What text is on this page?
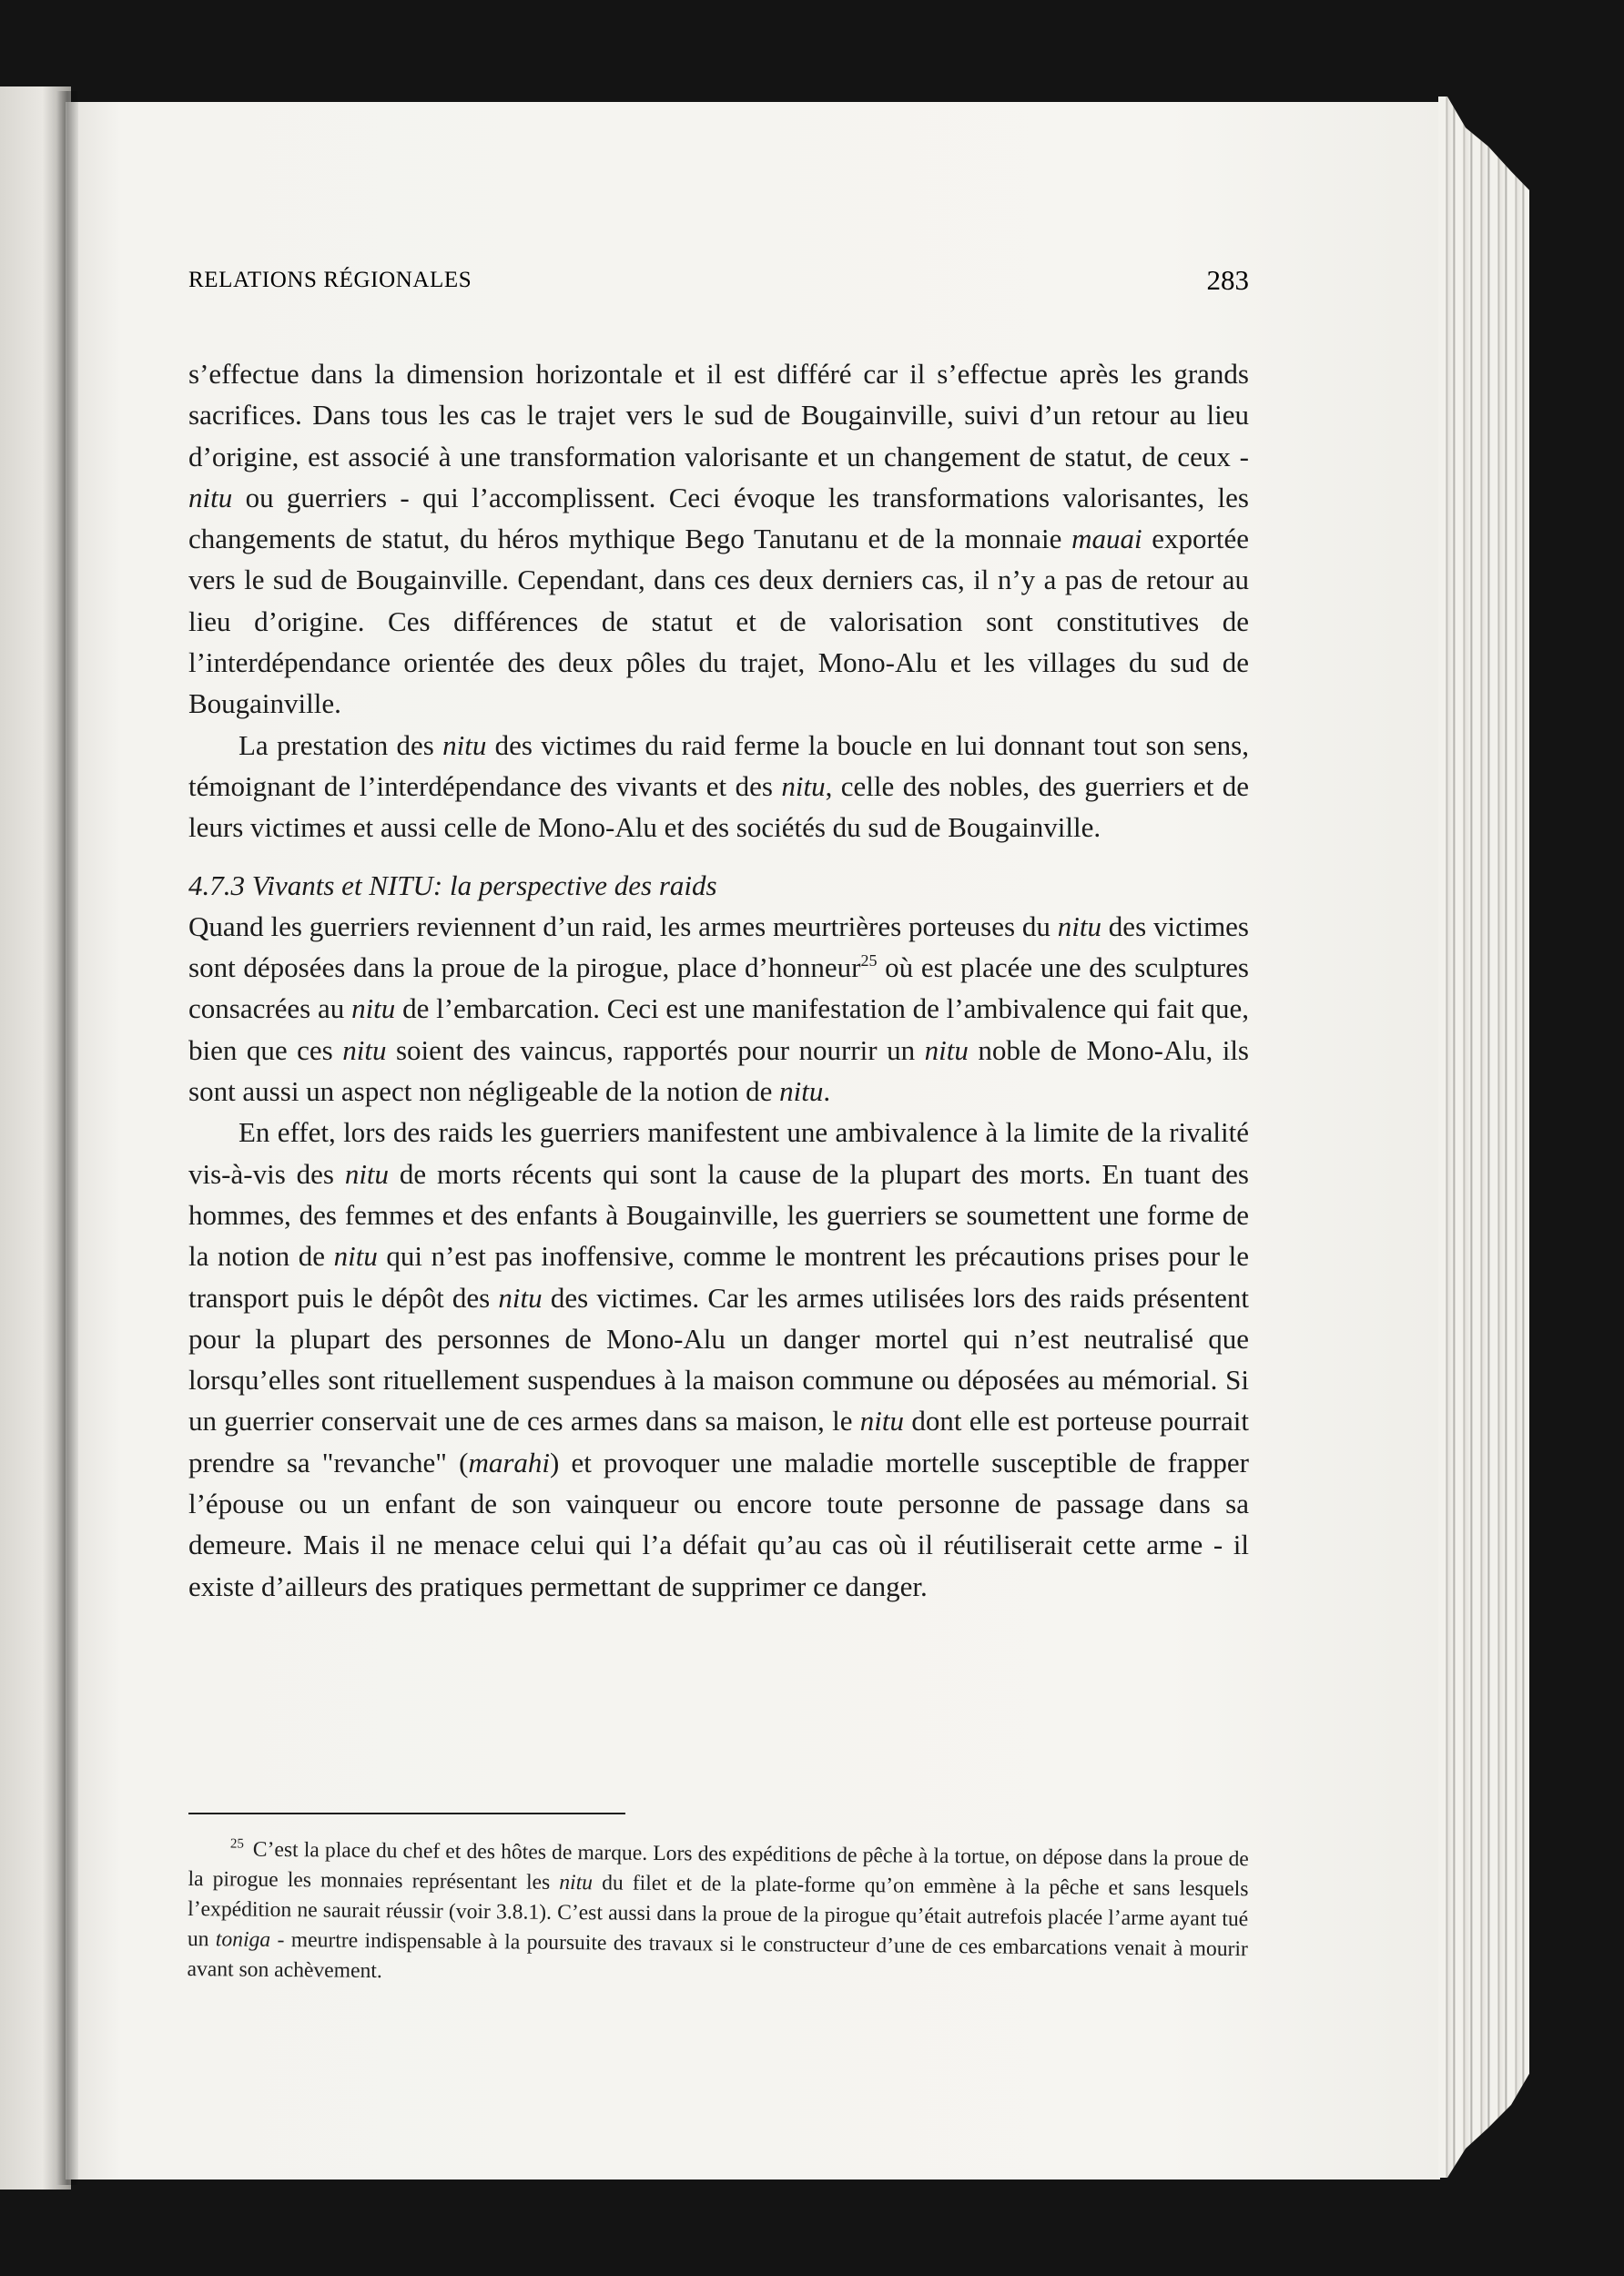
RELATIONS RÉGIONALES	283

s’effectue dans la dimension horizontale et il est différé car il s’effectue après les grands sacrifices. Dans tous les cas le trajet vers le sud de Bougainville, suivi d’un retour au lieu d’origine, est associé à une transformation valorisante et un changement de statut, de ceux - nitu ou guerriers - qui l’accomplissent. Ceci évoque les transformations valorisantes, les changements de statut, du héros mythique Bego Tanutanu et de la monnaie mauai exportée vers le sud de Bougainville. Cependant, dans ces deux derniers cas, il n’y a pas de retour au lieu d’origine. Ces différences de statut et de valorisation sont constitutives de l’interdépendance orientée des deux pôles du trajet, Mono-Alu et les villages du sud de Bougainville.

La prestation des nitu des victimes du raid ferme la boucle en lui donnant tout son sens, témoignant de l’interdépendance des vivants et des nitu, celle des nobles, des guerriers et de leurs victimes et aussi celle de Mono-Alu et des sociétés du sud de Bougainville.

4.7.3 Vivants et NITU: la perspective des raids

Quand les guerriers reviennent d’un raid, les armes meurtrières porteuses du nitu des victimes sont déposées dans la proue de la pirogue, place d’honneur$^{25}$ où est placée une des sculptures consacrées au nitu de l’embarcation. Ceci est une manifestation de l’ambivalence qui fait que, bien que ces nitu soient des vaincus, rapportés pour nourrir un nitu noble de Mono-Alu, ils sont aussi un aspect non négligeable de la notion de nitu.

En effet, lors des raids les guerriers manifestent une ambivalence à la limite de la rivalité vis-à-vis des nitu de morts récents qui sont la cause de la plupart des morts. En tuant des hommes, des femmes et des enfants à Bougainville, les guerriers se soumettent une forme de la notion de nitu qui n’est pas inoffensive, comme le montrent les précautions prises pour le transport puis le dépôt des nitu des victimes. Car les armes utilisées lors des raids présentent pour la plupart des personnes de Mono-Alu un danger mortel qui n’est neutralisé que lorsqu’elles sont rituellement suspendues à la maison commune ou déposées au mémorial. Si un guerrier conservait une de ces armes dans sa maison, le nitu dont elle est porteuse pourrait prendre sa "revanche" (marahi) et provoquer une maladie mortelle susceptible de frapper l’épouse ou un enfant de son vainqueur ou encore toute personne de passage dans sa demeure. Mais il ne menace celui qui l’a défait qu’au cas où il réutiliserait cette arme - il existe d’ailleurs des pratiques permettant de supprimer ce danger.

$^{25}$ C’est la place du chef et des hôtes de marque. Lors des expéditions de pêche à la tortue, on dépose dans la proue de la pirogue les monnaies représentant les nitu du filet et de la plate-forme qu’on emmène à la pêche et sans lesquels l’expédition ne saurait réussir (voir 3.8.1). C’est aussi dans la proue de la pirogue qu’était autrefois placée l’arme ayant tué un toniga - meurtre indispensable à la poursuite des travaux si le constructeur d’une de ces embarcations venait à mourir avant son achèvement.
